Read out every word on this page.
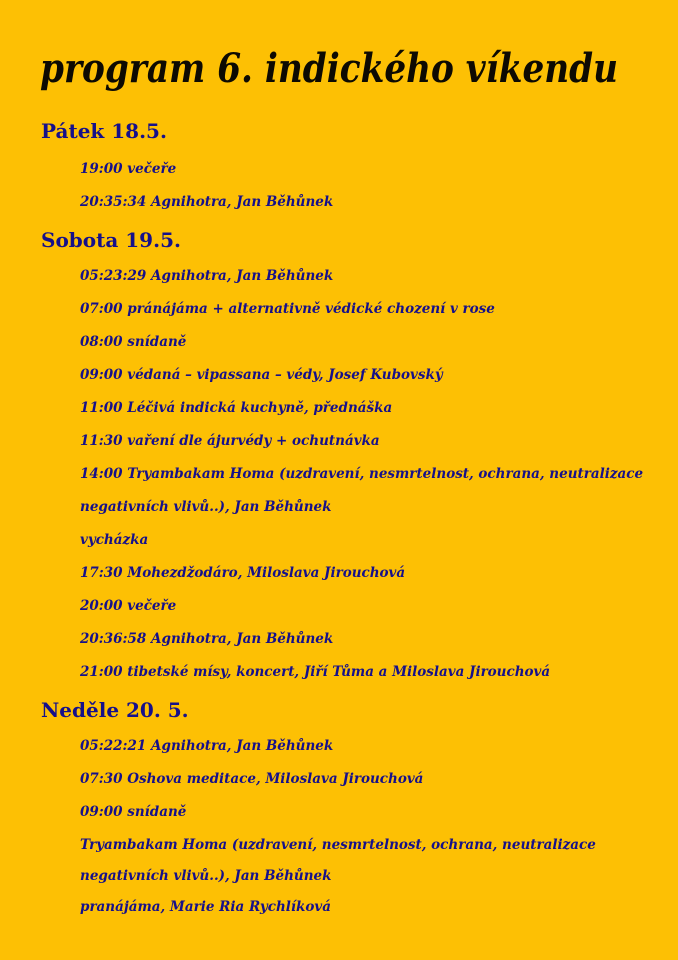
program 6. indického víkendu
Pátek 18.5.

19:00 večeře

20:35:34 Agnihotra, Jan Běhůnek

Sobota 19.5.

05:23:29 Agnihotra, Jan Běhůnek

07:00 pránájáma + alternativně védické chození v rose

08:00 snídaně

09:00 védaná – vipassana – védy, Josef Kubovský

11:00 Léčivá indická kuchyně, přednáška

11:30 vaření dle ájurvédy + ochutnávka

14:00 Tryambakam Homa (uzdravení, nesmrtelnost, ochrana, neutralizace

negativních vlivů..), Jan Běhůnek

vycházka

17:30 Mohezdžodáro, Miloslava Jirouchová

20:00 večeře

20:36:58 Agnihotra, Jan Běhůnek

21:00 tibetské mísy, koncert, Jiří Tůma a Miloslava Jirouchová

Neděle 20. 5.

05:22:21 Agnihotra, Jan Běhůnek

07:30 Oshova meditace, Miloslava Jirouchová

09:00 snídaně

Tryambakam Homa (uzdravení, nesmrtelnost, ochrana, neutralizace

negativních vlivů..), Jan Běhůnek

pranájáma, Marie Ria Rychlíková
